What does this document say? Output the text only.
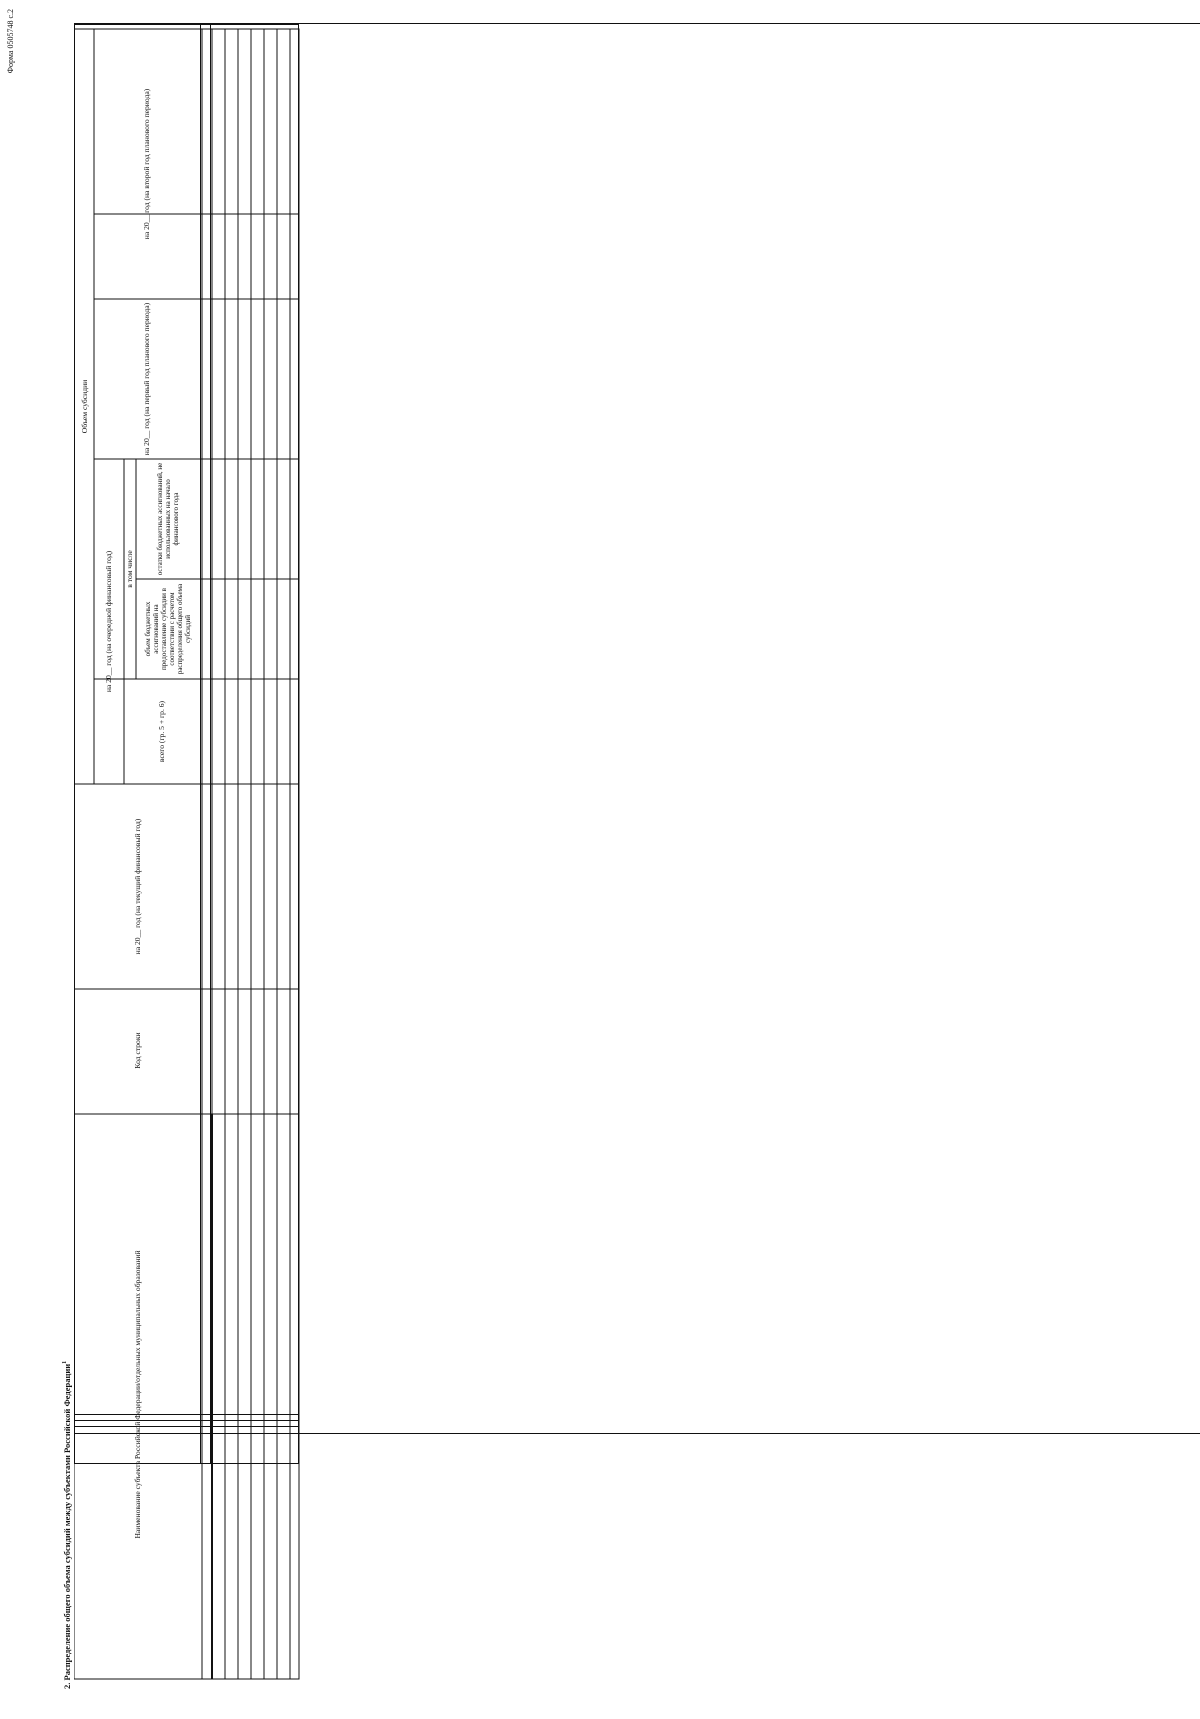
Форма 0505748 с.2
2. Распределение общего объема субсидий между субъектами Российской Федерации$^1$	Наименование субъекта Российской Федерации/отдельных муниципальных образований
Код строки
на 20__ год (на текущий финансовый год)
Объем субсидии
на 20__ год (на очередной финансовый год)
всего (гр. 5 + гр. 6)
в том числе
объем бюджетных ассигнований на предоставление субсидии в соответствии с расчетом распределения общего объема субсидий
остатки бюджетных ассигнований, не использованных на начало финансового года
на 20__ год (на первый год планового периода)
на 20__ год (на второй год планового периода)
